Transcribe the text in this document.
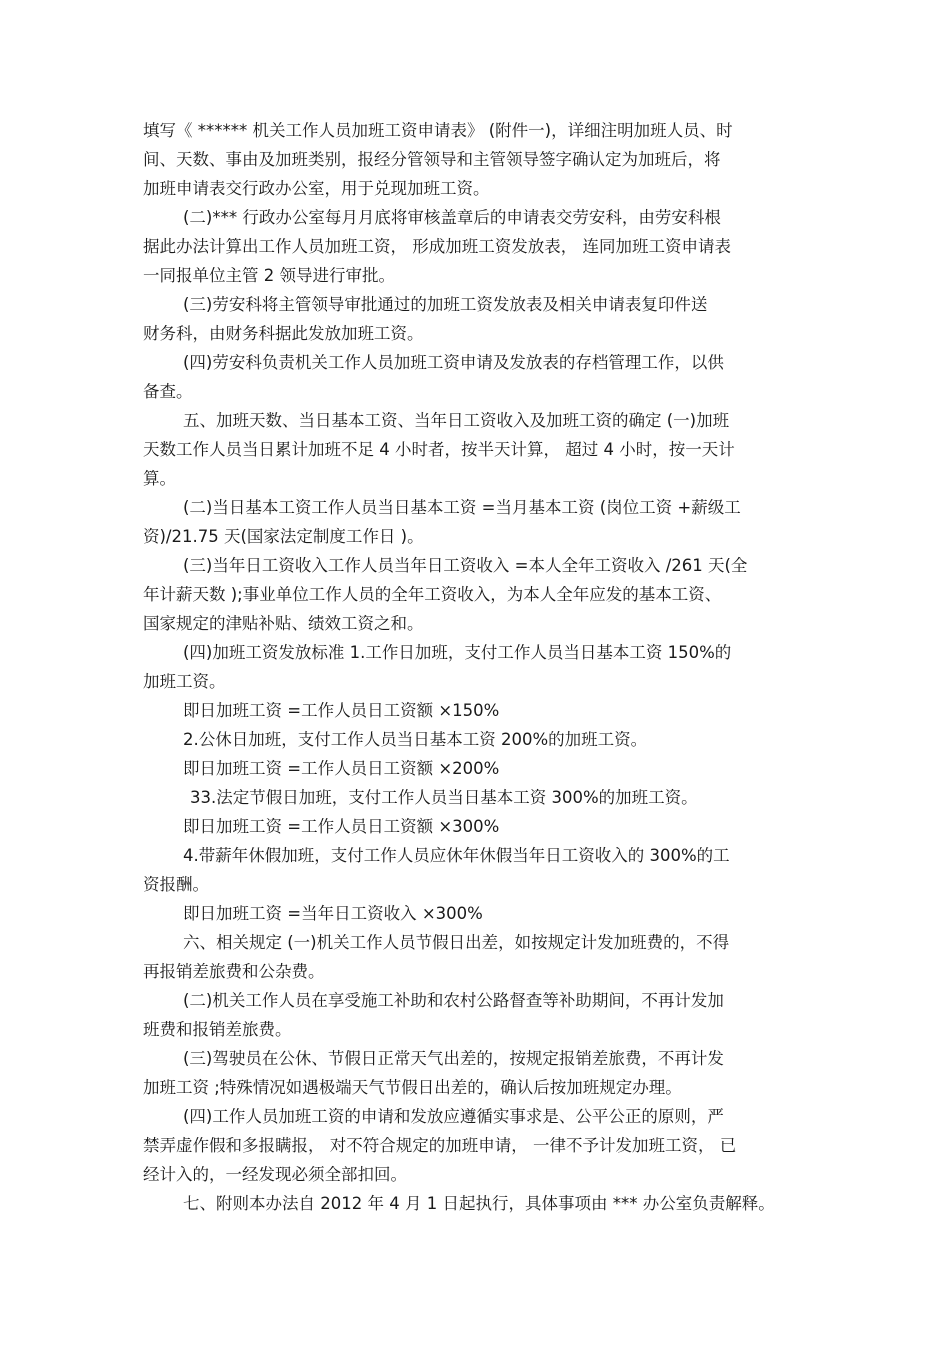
填写《 ****** 机关工作人员加班工资申请表》 (附件一)，详细注明加班人员、时
间、天数、事由及加班类别，报经分管领导和主管领导签字确认定为加班后，将
加班申请表交行政办公室，用于兑现加班工资。
(二)*** 行政办公室每月月底将审核盖章后的申请表交劳安科，由劳安科根
据此办法计算出工作人员加班工资， 形成加班工资发放表， 连同加班工资申请表
一同报单位主管 2 领导进行审批。
(三)劳安科将主管领导审批通过的加班工资发放表及相关申请表复印件送
财务科，由财务科据此发放加班工资。
(四)劳安科负责机关工作人员加班工资申请及发放表的存档管理工作，以供
备查。
五、加班天数、当日基本工资、当年日工资收入及加班工资的确定 (一)加班
天数工作人员当日累计加班不足 4 小时者，按半天计算， 超过 4 小时，按一天计
算。
(二)当日基本工资工作人员当日基本工资 =当月基本工资 (岗位工资 +薪级工
资)/21.75 天(国家法定制度工作日 )。
(三)当年日工资收入工作人员当年日工资收入 =本人全年工资收入 /261 天(全
年计薪天数 );事业单位工作人员的全年工资收入，为本人全年应发的基本工资、
国家规定的津贴补贴、绩效工资之和。
(四)加班工资发放标准 1.工作日加班，支付工作人员当日基本工资 150%的
加班工资。
即日加班工资 =工作人员日工资额 ×150%
2.公休日加班，支付工作人员当日基本工资 200%的加班工资。
即日加班工资 =工作人员日工资额 ×200%
33.法定节假日加班，支付工作人员当日基本工资 300%的加班工资。
即日加班工资 =工作人员日工资额 ×300%
4.带薪年休假加班，支付工作人员应休年休假当年日工资收入的 300%的工
资报酬。
即日加班工资 =当年日工资收入 ×300%
六、相关规定 (一)机关工作人员节假日出差，如按规定计发加班费的，不得
再报销差旅费和公杂费。
(二)机关工作人员在享受施工补助和农村公路督查等补助期间，不再计发加
班费和报销差旅费。
(三)驾驶员在公休、节假日正常天气出差的，按规定报销差旅费，不再计发
加班工资 ;特殊情况如遇极端天气节假日出差的，确认后按加班规定办理。
(四)工作人员加班工资的申请和发放应遵循实事求是、公平公正的原则，严
禁弄虚作假和多报瞒报， 对不符合规定的加班申请， 一律不予计发加班工资， 已
经计入的，一经发现必须全部扣回。
七、附则本办法自 2012 年 4 月 1 日起执行，具体事项由 *** 办公室负责解释。
